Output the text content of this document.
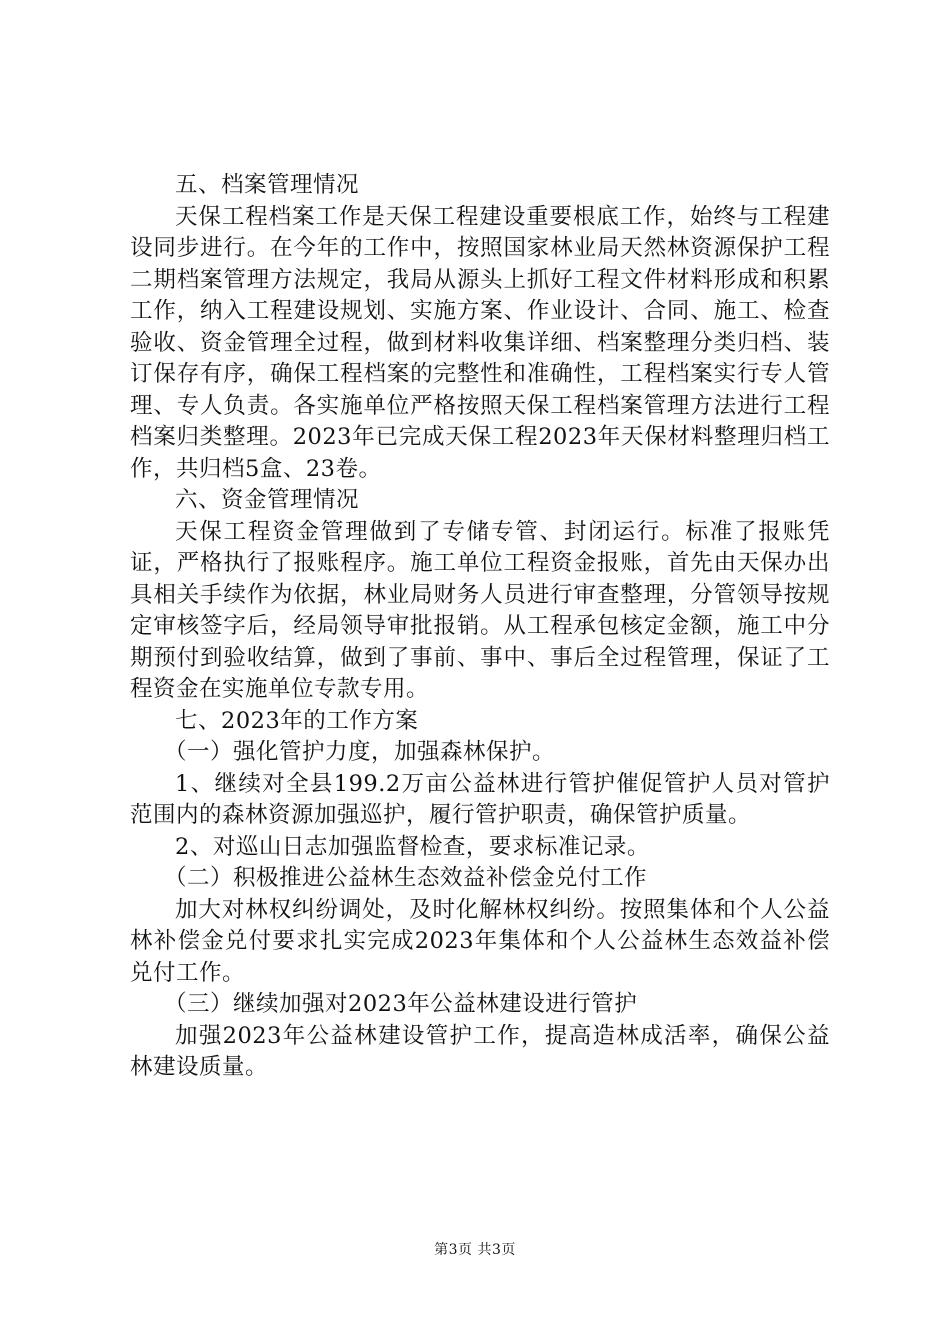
五、档案管理情况

天保工程档案工作是天保工程建设重要根底工作，始终与工程建设同步进行。在今年的工作中，按照国家林业局天然林资源保护工程二期档案管理方法规定，我局从源头上抓好工程文件材料形成和积累工作，纳入工程建设规划、实施方案、作业设计、合同、施工、检查验收、资金管理全过程，做到材料收集详细、档案整理分类归档、装订保存有序，确保工程档案的完整性和准确性，工程档案实行专人管理、专人负责。各实施单位严格按照天保工程档案管理方法进行工程档案归类整理。2023年已完成天保工程2023年天保材料整理归档工作，共归档5盒、23卷。

六、资金管理情况

天保工程资金管理做到了专储专管、封闭运行。标准了报账凭证，严格执行了报账程序。施工单位工程资金报账，首先由天保办出具相关手续作为依据，林业局财务人员进行审查整理，分管领导按规定审核签字后，经局领导审批报销。从工程承包核定金额，施工中分期预付到验收结算，做到了事前、事中、事后全过程管理，保证了工程资金在实施单位专款专用。

七、2023年的工作方案

（一）强化管护力度，加强森林保护。

1、继续对全县199.2万亩公益林进行管护催促管护人员对管护范围内的森林资源加强巡护，履行管护职责，确保管护质量。

2、对巡山日志加强监督检查，要求标准记录。

（二）积极推进公益林生态效益补偿金兑付工作

加大对林权纠纷调处，及时化解林权纠纷。按照集体和个人公益林补偿金兑付要求扎实完成2023年集体和个人公益林生态效益补偿兑付工作。

（三）继续加强对2023年公益林建设进行管护

加强2023年公益林建设管护工作，提高造林成活率，确保公益林建设质量。

第3页 共3页
